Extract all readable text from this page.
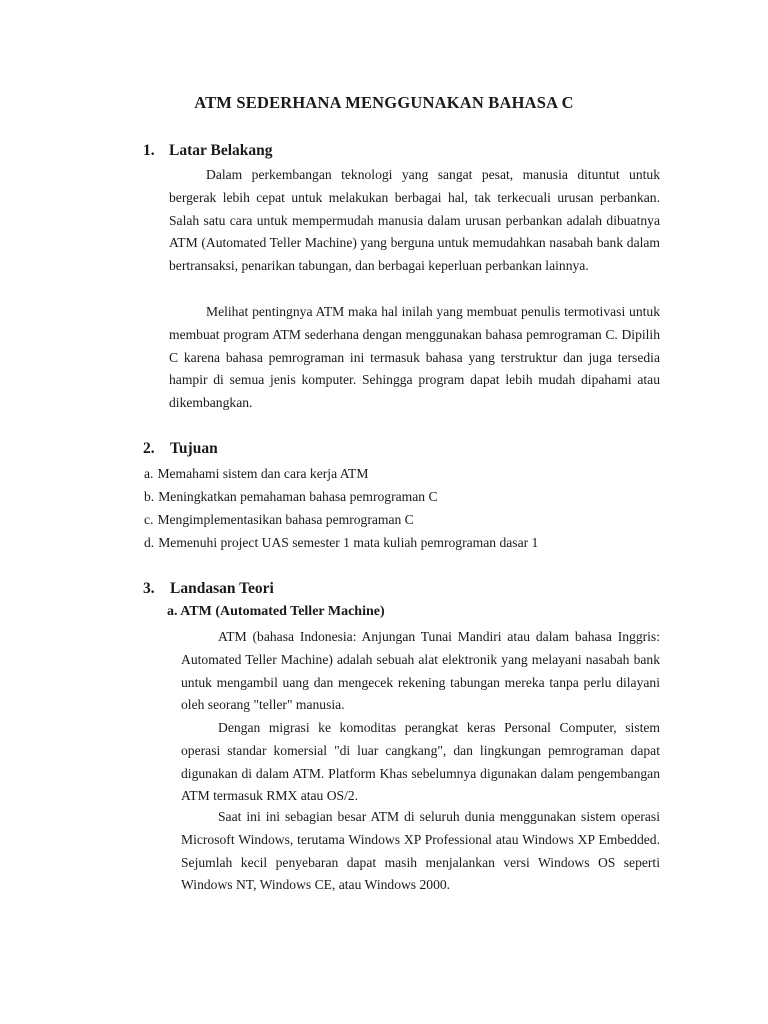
ATM SEDERHANA MENGGUNAKAN BAHASA C
1. Latar Belakang

Dalam perkembangan teknologi yang sangat pesat, manusia dituntut untuk bergerak lebih cepat untuk melakukan berbagai hal, tak terkecuali urusan perbankan. Salah satu cara untuk mempermudah manusia dalam urusan perbankan adalah dibuatnya ATM (Automated Teller Machine) yang berguna untuk memudahkan nasabah bank dalam bertransaksi, penarikan tabungan, dan berbagai keperluan perbankan lainnya.

Melihat pentingnya ATM maka hal inilah yang membuat penulis termotivasi untuk membuat program ATM sederhana dengan menggunakan bahasa pemrograman C. Dipilih C karena bahasa pemrograman ini termasuk bahasa yang terstruktur dan juga tersedia hampir di semua jenis komputer. Sehingga program dapat lebih mudah dipahami atau dikembangkan.

2. Tujuan
a. Memahami sistem dan cara kerja ATM
b. Meningkatkan pemahaman bahasa pemrograman C
c. Mengimplementasikan bahasa pemrograman C
d. Memenuhi project UAS semester 1 mata kuliah pemrograman dasar 1
3. Landasan Teori
a. ATM (Automated Teller Machine)

ATM (bahasa Indonesia: Anjungan Tunai Mandiri atau dalam bahasa Inggris: Automated Teller Machine) adalah sebuah alat elektronik yang melayani nasabah bank untuk mengambil uang dan mengecek rekening tabungan mereka tanpa perlu dilayani oleh seorang "teller" manusia.

Dengan migrasi ke komoditas perangkat keras Personal Computer, sistem operasi standar komersial "di luar cangkang", dan lingkungan pemrograman dapat digunakan di dalam ATM. Platform Khas sebelumnya digunakan dalam pengembangan ATM termasuk RMX atau OS/2.

Saat ini ini sebagian besar ATM di seluruh dunia menggunakan sistem operasi Microsoft Windows, terutama Windows XP Professional atau Windows XP Embedded. Sejumlah kecil penyebaran dapat masih menjalankan versi Windows OS seperti Windows NT, Windows CE, atau Windows 2000.
